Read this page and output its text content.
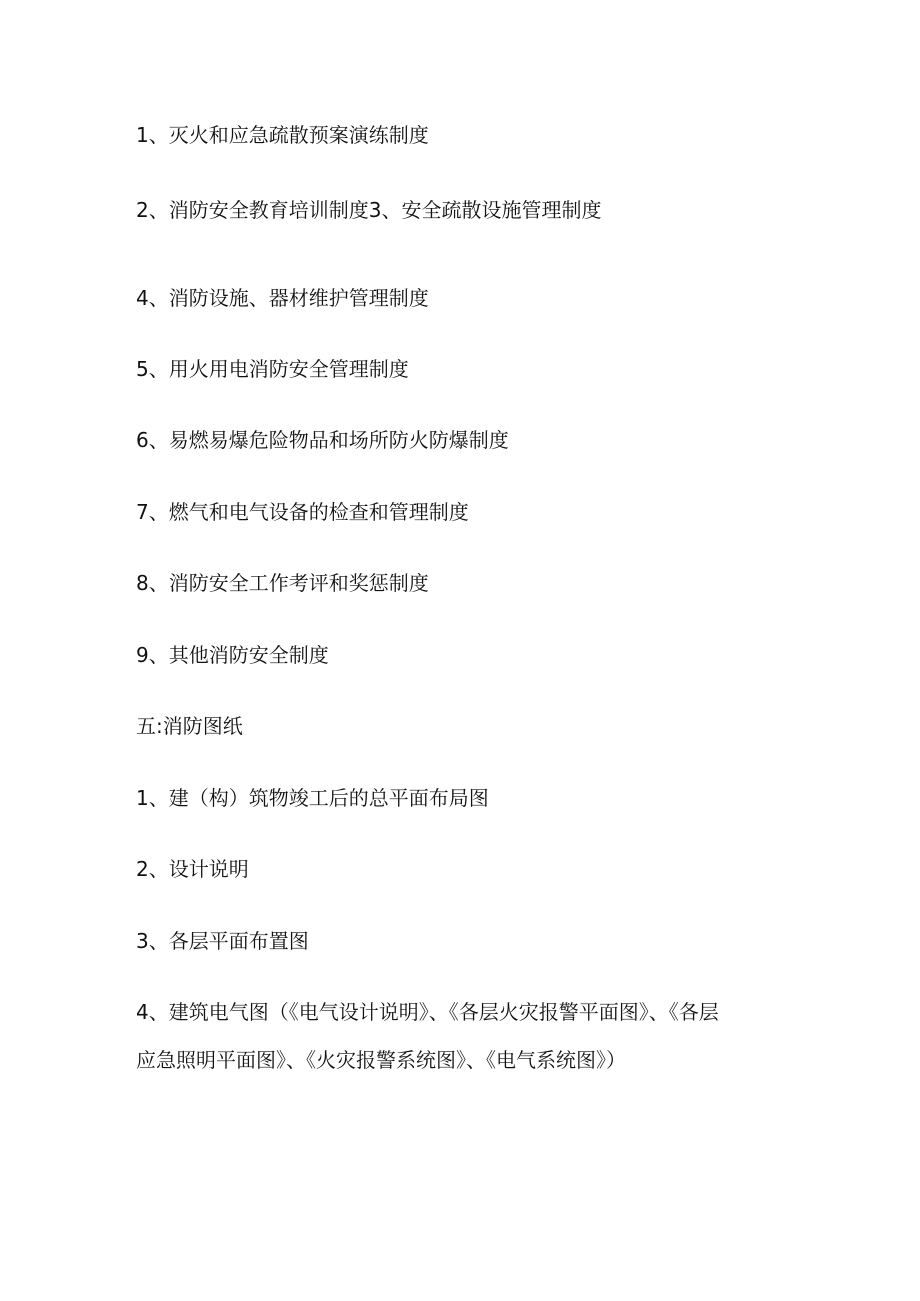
1、灭火和应急疏散预案演练制度
2、消防安全教育培训制度3、安全疏散设施管理制度
4、消防设施、器材维护管理制度
5、用火用电消防安全管理制度
6、易燃易爆危险物品和场所防火防爆制度
7、燃气和电气设备的检查和管理制度
8、消防安全工作考评和奖惩制度
9、其他消防安全制度
五:消防图纸
1、建（构）筑物竣工后的总平面布局图
2、设计说明
3、各层平面布置图
4、建筑电气图（《电气设计说明》、《各层火灾报警平面图》、《各层
应急照明平面图》、《火灾报警系统图》、《电气系统图》）
